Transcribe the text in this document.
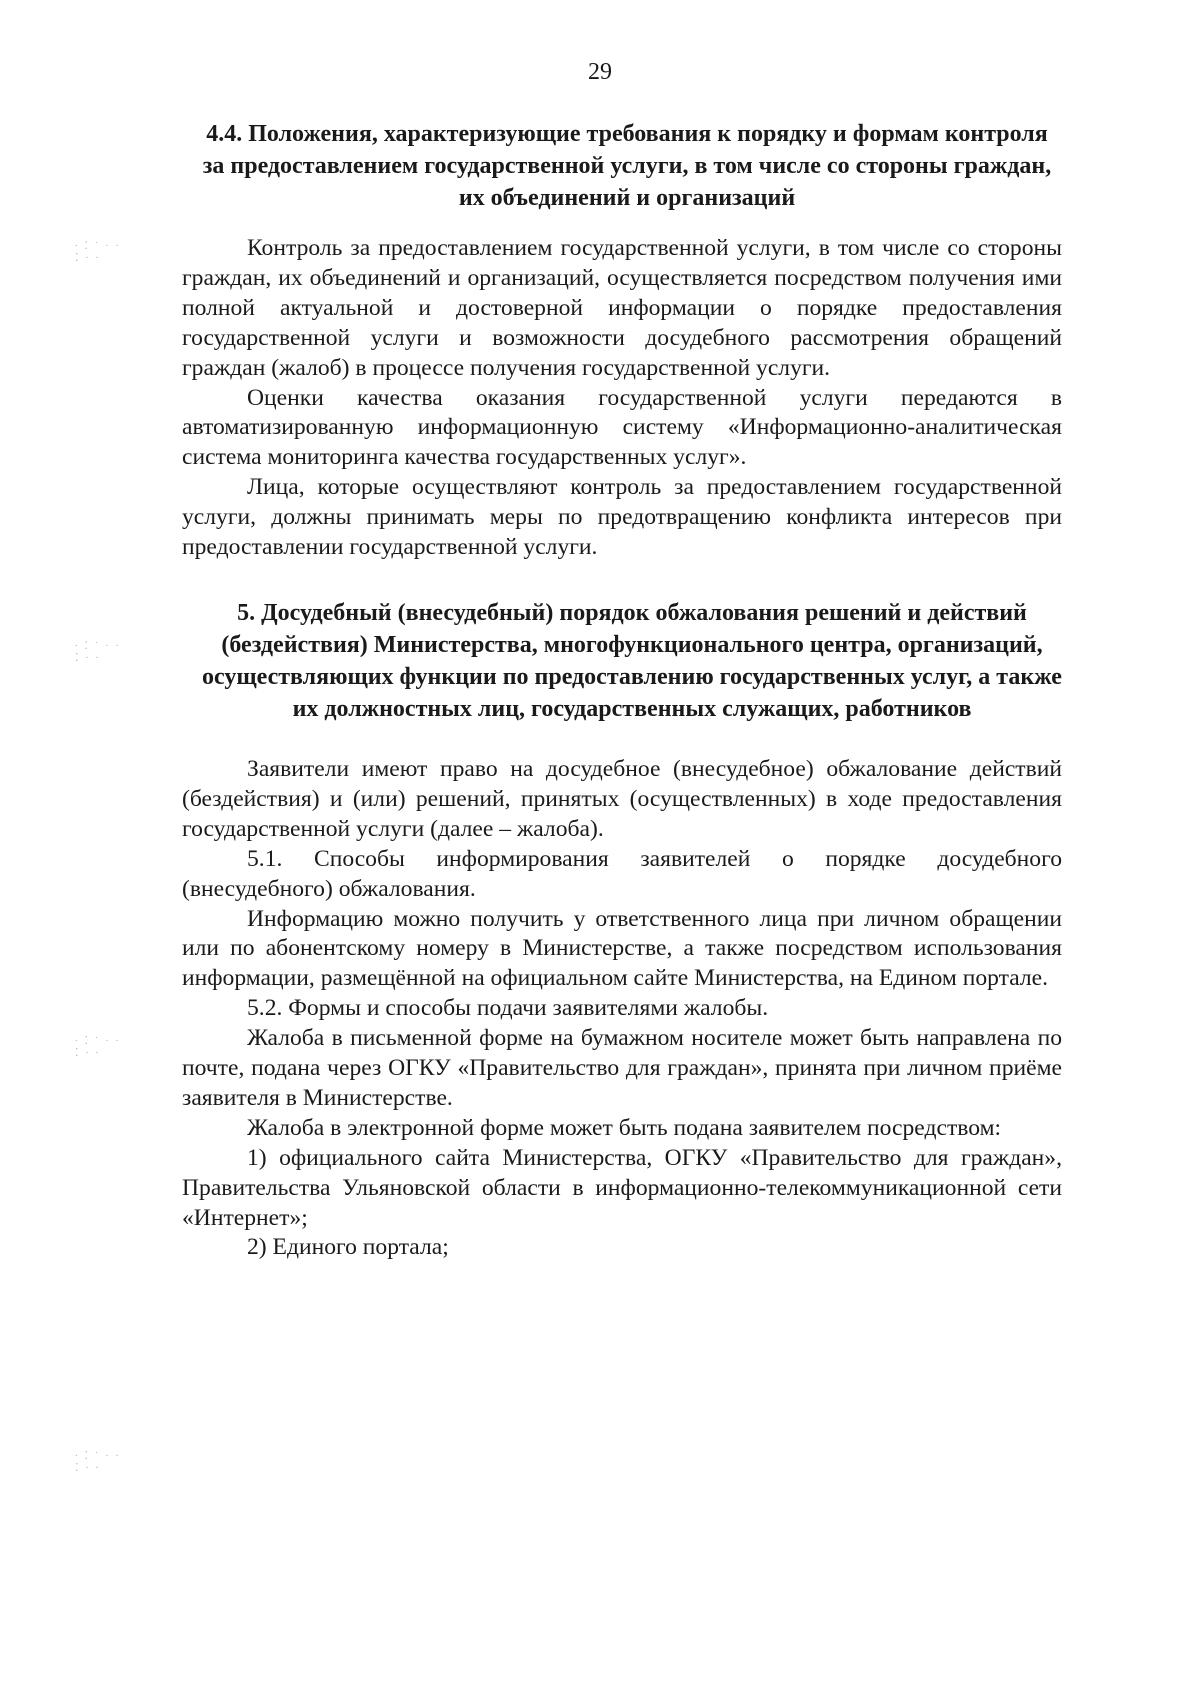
29
4.4. Положения, характеризующие требования к порядку и формам контроля за предоставлением государственной услуги, в том числе со стороны граждан, их объединений и организаций

Контроль за предоставлением государственной услуги, в том числе со стороны граждан, их объединений и организаций, осуществляется посредством получения ими полной актуальной и достоверной информации о порядке предоставления государственной услуги и возможности досудебного рассмотрения обращений граждан (жалоб) в процессе получения государственной услуги.

Оценки качества оказания государственной услуги передаются в автоматизированную информационную систему «Информационно-аналитическая система мониторинга качества государственных услуг».

Лица, которые осуществляют контроль за предоставлением государственной услуги, должны принимать меры по предотвращению конфликта интересов при предоставлении государственной услуги.

5. Досудебный (внесудебный) порядок обжалования решений и действий (бездействия) Министерства, многофункционального центра, организаций, осуществляющих функции по предоставлению государственных услуг, а также их должностных лиц, государственных служащих, работников

Заявители имеют право на досудебное (внесудебное) обжалование действий (бездействия) и (или) решений, принятых (осуществленных) в ходе предоставления государственной услуги (далее – жалоба).

5.1. Способы информирования заявителей о порядке досудебного (внесудебного) обжалования.

Информацию можно получить у ответственного лица при личном обращении или по абонентскому номеру в Министерстве, а также посредством использования информации, размещённой на официальном сайте Министерства, на Едином портале.

5.2. Формы и способы подачи заявителями жалобы.

Жалоба в письменной форме на бумажном носителе может быть направлена по почте, подана через ОГКУ «Правительство для граждан», принята при личном приёме заявителя в Министерстве.

Жалоба в электронной форме может быть подана заявителем посредством:

1) официального сайта Министерства, ОГКУ «Правительство для граждан», Правительства Ульяновской области в информационно-телекоммуникационной сети «Интернет»;

2) Единого портала;

∙ ⁚ ˙ · ∙
⁚ · ∙
∙ ⁚ ˙ · ∙
⁚ · ∙
∙ ⁚ ˙ · ∙
⁚ · ∙
∙ ⁚ ˙ · ∙
⁚ · ∙
